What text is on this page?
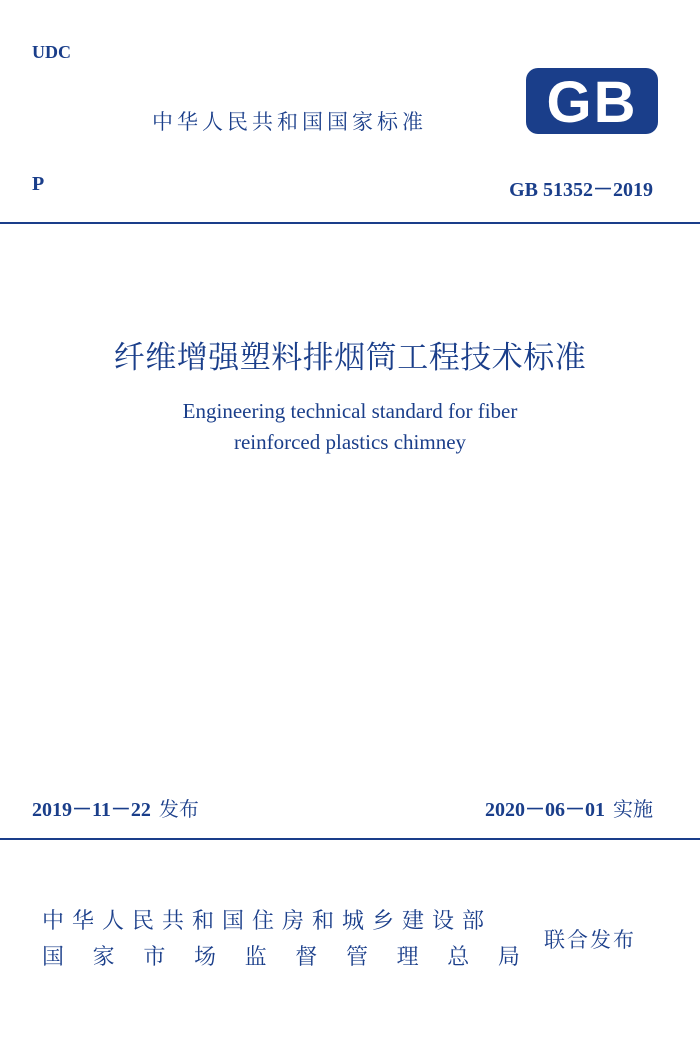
UDC
中华人民共和国国家标准 GB
P	GB 51352－2019
纤维增强塑料排烟筒工程技术标准
Engineering technical standard for fiber
reinforced plastics chimney
2019－11－22 发布	2020－06－01 实施
中华人民共和国住房和城乡建设部
国 家 市 场 监 督 管 理 总 局
联合发布
